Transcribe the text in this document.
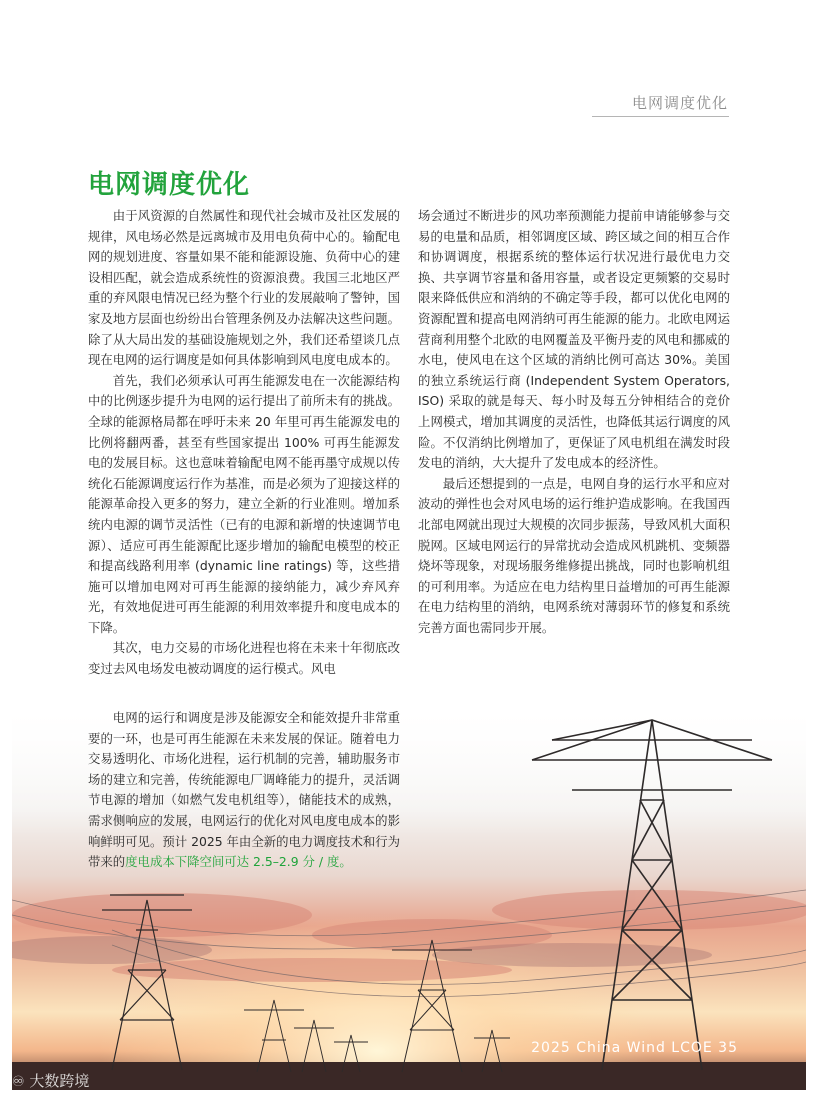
电网调度优化
电网调度优化

由于风资源的自然属性和现代社会城市及社区发展的规律，风电场必然是远离城市及用电负荷中心的。输配电网的规划进度、容量如果不能和能源设施、负荷中心的建设相匹配，就会造成系统性的资源浪费。我国三北地区严重的弃风限电情况已经为整个行业的发展敲响了警钟，国家及地方层面也纷纷出台管理条例及办法解决这些问题。除了从大局出发的基础设施规划之外，我们还希望谈几点现在电网的运行调度是如何具体影响到风电度电成本的。

首先，我们必须承认可再生能源发电在一次能源结构中的比例逐步提升为电网的运行提出了前所未有的挑战。全球的能源格局都在呼吁未来 20 年里可再生能源发电的比例将翻两番，甚至有些国家提出 100% 可再生能源发电的发展目标。这也意味着输配电网不能再墨守成规以传统化石能源调度运行作为基准，而是必须为了迎接这样的能源革命投入更多的努力，建立全新的行业准则。增加系统内电源的调节灵活性（已有的电源和新增的快速调节电源）、适应可再生能源配比逐步增加的输配电模型的校正和提高线路利用率 (dynamic line ratings) 等，这些措施可以增加电网对可再生能源的接纳能力，减少弃风弃光，有效地促进可再生能源的利用效率提升和度电成本的下降。

其次，电力交易的市场化进程也将在未来十年彻底改变过去风电场发电被动调度的运行模式。风电

场会通过不断进步的风功率预测能力提前申请能够参与交易的电量和品质，相邻调度区域、跨区域之间的相互合作和协调调度，根据系统的整体运行状况进行最优电力交换、共享调节容量和备用容量，或者设定更频繁的交易时限来降低供应和消纳的不确定等手段，都可以优化电网的资源配置和提高电网消纳可再生能源的能力。北欧电网运营商利用整个北欧的电网覆盖及平衡丹麦的风电和挪威的水电，使风电在这个区域的消纳比例可高达 30%。美国的独立系统运行商 (Independent System Operators, ISO) 采取的就是每天、每小时及每五分钟相结合的竞价上网模式，增加其调度的灵活性，也降低其运行调度的风险。不仅消纳比例增加了，更保证了风电机组在满发时段发电的消纳，大大提升了发电成本的经济性。

最后还想提到的一点是，电网自身的运行水平和应对波动的弹性也会对风电场的运行维护造成影响。在我国西北部电网就出现过大规模的次同步振荡，导致风机大面积脱网。区域电网运行的异常扰动会造成风机跳机、变频器烧坏等现象，对现场服务维修提出挑战，同时也影响机组的可利用率。为适应在电力结构里日益增加的可再生能源在电力结构里的消纳，电网系统对薄弱环节的修复和系统完善方面也需同步开展。

电网的运行和调度是涉及能源安全和能效提升非常重要的一环，也是可再生能源在未来发展的保证。随着电力交易透明化、市场化进程，运行机制的完善，辅助服务市场的建立和完善，传统能源电厂调峰能力的提升，灵活调节电源的增加（如燃气发电机组等），储能技术的成熟，需求侧响应的发展，电网运行的优化对风电度电成本的影响鲜明可见。预计 2025 年由全新的电力调度技术和行为带来的度电成本下降空间可达 2.5–2.9 分 / 度。

2025 China Wind LCOE 35
♾ 大数跨境
